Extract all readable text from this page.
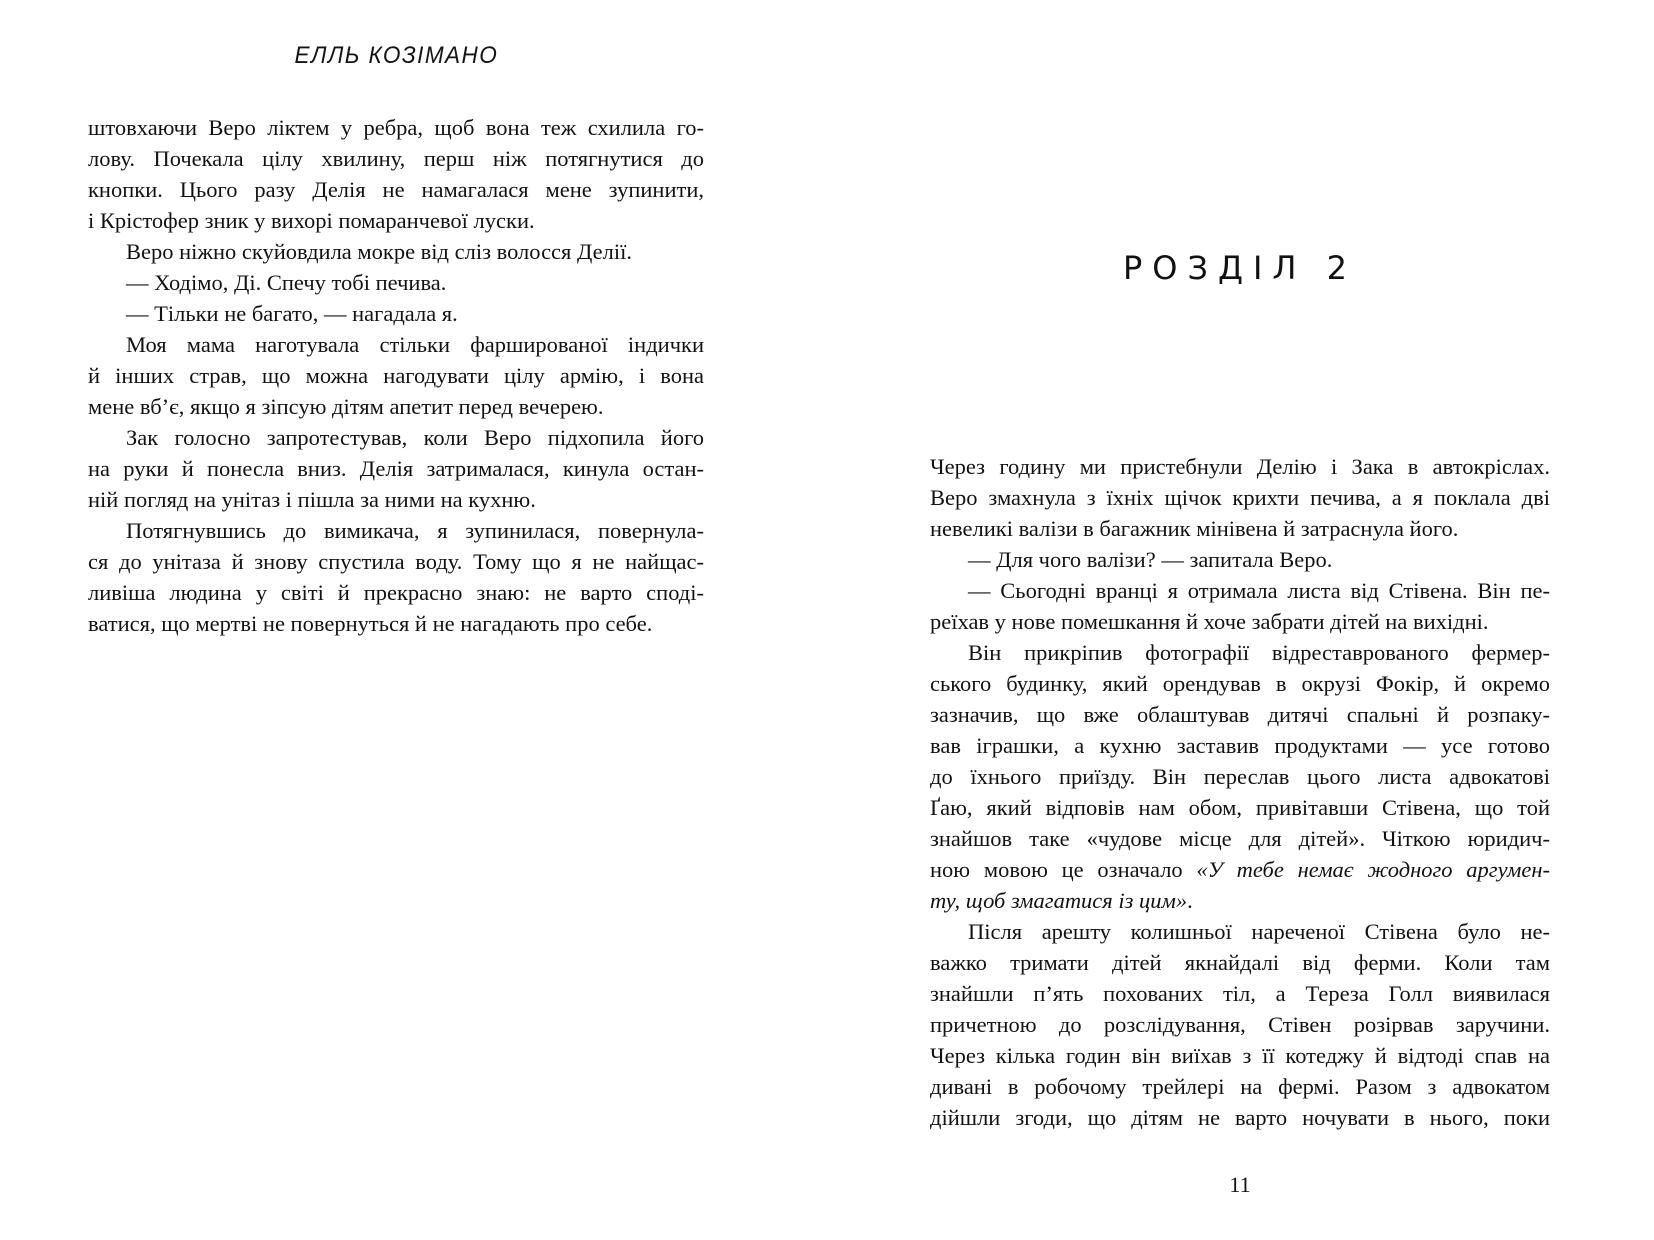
ЕЛЛЬ КОЗІМАНО
штовхаючи Веро ліктем у ребра, щоб вона теж схилила го-
лову. Почекала цілу хвилину, перш ніж потягнутися до
кнопки. Цього разу Делія не намагалася мене зупинити,
і Крістофер зник у вихорі помаранчевої луски.
Веро ніжно скуйовдила мокре від сліз волосся Делії.
— Ходімо, Ді. Спечу тобі печива.
— Тільки не багато, — нагадала я.
Моя мама наготувала стільки фаршированої індички
й інших страв, що можна нагодувати цілу армію, і вона
мене вб’є, якщо я зіпсую дітям апетит перед вечерею.
Зак голосно запротестував, коли Веро підхопила його
на руки й понесла вниз. Делія затрималася, кинула остан-
ній погляд на унітаз і пішла за ними на кухню.
Потягнувшись до вимикача, я зупинилася, повернула-
ся до унітаза й знову спустила воду. Тому що я не найщас-
ливіша людина у світі й прекрасно знаю: не варто споді-
ватися, що мертві не повернуться й не нагадають про себе.
РОЗДІЛ 2
Через годину ми пристебнули Делію і Зака в автокріслах.
Веро змахнула з їхніх щічок крихти печива, а я поклала дві
невеликі валізи в багажник мінівена й затраснула його.
— Для чого валізи? — запитала Веро.
— Сьогодні вранці я отримала листа від Стівена. Він пе-
реїхав у нове помешкання й хоче забрати дітей на вихідні.
Він прикріпив фотографії відреставрованого фермер-
ського будинку, який орендував в окрузі Фокір, й окремо
зазначив, що вже облаштував дитячі спальні й розпаку-
вав іграшки, а кухню заставив продуктами — усе готово
до їхнього приїзду. Він переслав цього листа адвокатові
Ґаю, який відповів нам обом, привітавши Стівена, що той
знайшов таке «чудове місце для дітей». Чіткою юридич-
ною мовою це означало «У тебе немає жодного аргумен-
ту, щоб змагатися із цим».
Після арешту колишньої нареченої Стівена було не-
важко тримати дітей якнайдалі від ферми. Коли там
знайшли п’ять похованих тіл, а Тереза Голл виявилася
причетною до розслідування, Стівен розірвав заручини.
Через кілька годин він виїхав з її котеджу й відтоді спав на
дивані в робочому трейлері на фермі. Разом з адвокатом
дійшли згоди, що дітям не варто ночувати в нього, поки
11
